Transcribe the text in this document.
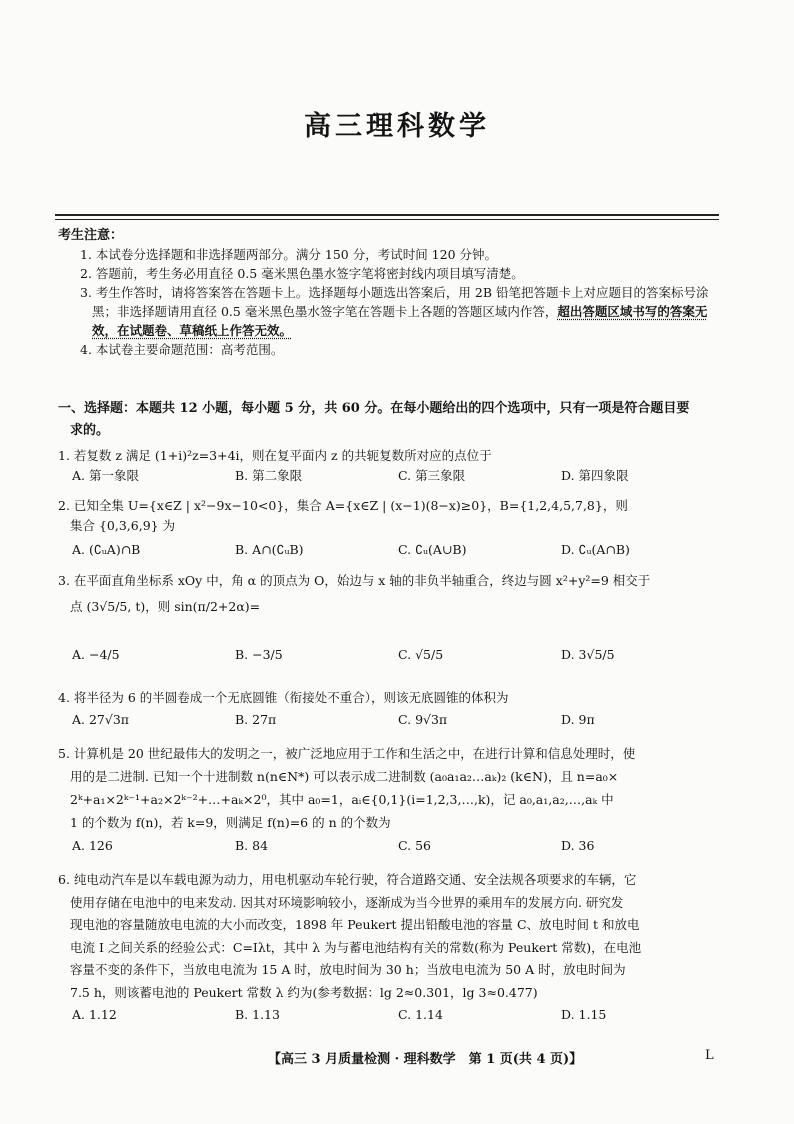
高三理科数学
考生注意：
1. 本试卷分选择题和非选择题两部分。满分 150 分，考试时间 120 分钟。
2. 答题前，考生务必用直径 0.5 毫米黑色墨水签字笔将密封线内项目填写清楚。
3. 考生作答时，请将答案答在答题卡上。选择题每小题选出答案后，用 2B 铅笔把答题卡上对应题目的答案标号涂黑；非选择题请用直径 0.5 毫米黑色墨水签字笔在答题卡上各题的答题区域内作答，超出答题区域书写的答案无效，在试题卷、草稿纸上作答无效。
4. 本试卷主要命题范围：高考范围。
一、选择题：本题共 12 小题，每小题 5 分，共 60 分。在每小题给出的四个选项中，只有一项是符合题目要
求的。
1. 若复数 z 满足 (1+i)²z=3+4i，则在复平面内 z 的共轭复数所对应的点位于
A. 第一象限	B. 第二象限	C. 第三象限	D. 第四象限
2. 已知全集 U={x∈Z | x²−9x−10<0}，集合 A={x∈Z | (x−1)(8−x)≥0}，B={1,2,4,5,7,8}，则
集合 {0,3,6,9} 为
A. (∁ᵤA)∩B	B. A∩(∁ᵤB)	C. ∁ᵤ(A∪B)	D. ∁ᵤ(A∩B)
3. 在平面直角坐标系 xOy 中，角 α 的顶点为 O，始边与 x 轴的非负半轴重合，终边与圆 x²+y²=9 相交于
点 (3√5/5, t)，则 sin(π/2+2α)=
A. −4/5	B. −3/5	C. √5/5	D. 3√5/5
4. 将半径为 6 的半圆卷成一个无底圆锥（衔接处不重合），则该无底圆锥的体积为
A. 27√3π	B. 27π	C. 9√3π	D. 9π
5. 计算机是 20 世纪最伟大的发明之一，被广泛地应用于工作和生活之中，在进行计算和信息处理时，使
用的是二进制. 已知一个十进制数 n(n∈N*) 可以表示成二进制数 (a₀a₁a₂…aₖ)₂ (k∈N)，且 n=a₀×
2ᵏ+a₁×2ᵏ⁻¹+a₂×2ᵏ⁻²+…+aₖ×2⁰，其中 a₀=1，aᵢ∈{0,1}(i=1,2,3,…,k)，记 a₀,a₁,a₂,…,aₖ 中
1 的个数为 f(n)，若 k=9，则满足 f(n)=6 的 n 的个数为
A. 126	B. 84	C. 56	D. 36
6. 纯电动汽车是以车载电源为动力，用电机驱动车轮行驶，符合道路交通、安全法规各项要求的车辆，它
使用存储在电池中的电来发动. 因其对环境影响较小，逐渐成为当今世界的乘用车的发展方向. 研究发
现电池的容量随放电电流的大小而改变，1898 年 Peukert 提出铅酸电池的容量 C、放电时间 t 和放电
电流 I 之间关系的经验公式：C=Iλt，其中 λ 为与蓄电池结构有关的常数(称为 Peukert 常数)，在电池
容量不变的条件下，当放电电流为 15 A 时，放电时间为 30 h；当放电电流为 50 A 时，放电时间为
7.5 h，则该蓄电池的 Peukert 常数 λ 约为(参考数据：lg 2≈0.301，lg 3≈0.477)
A. 1.12	B. 1.13	C. 1.14	D. 1.15
【高三 3 月质量检测 · 理科数学　第 1 页(共 4 页)】	L
